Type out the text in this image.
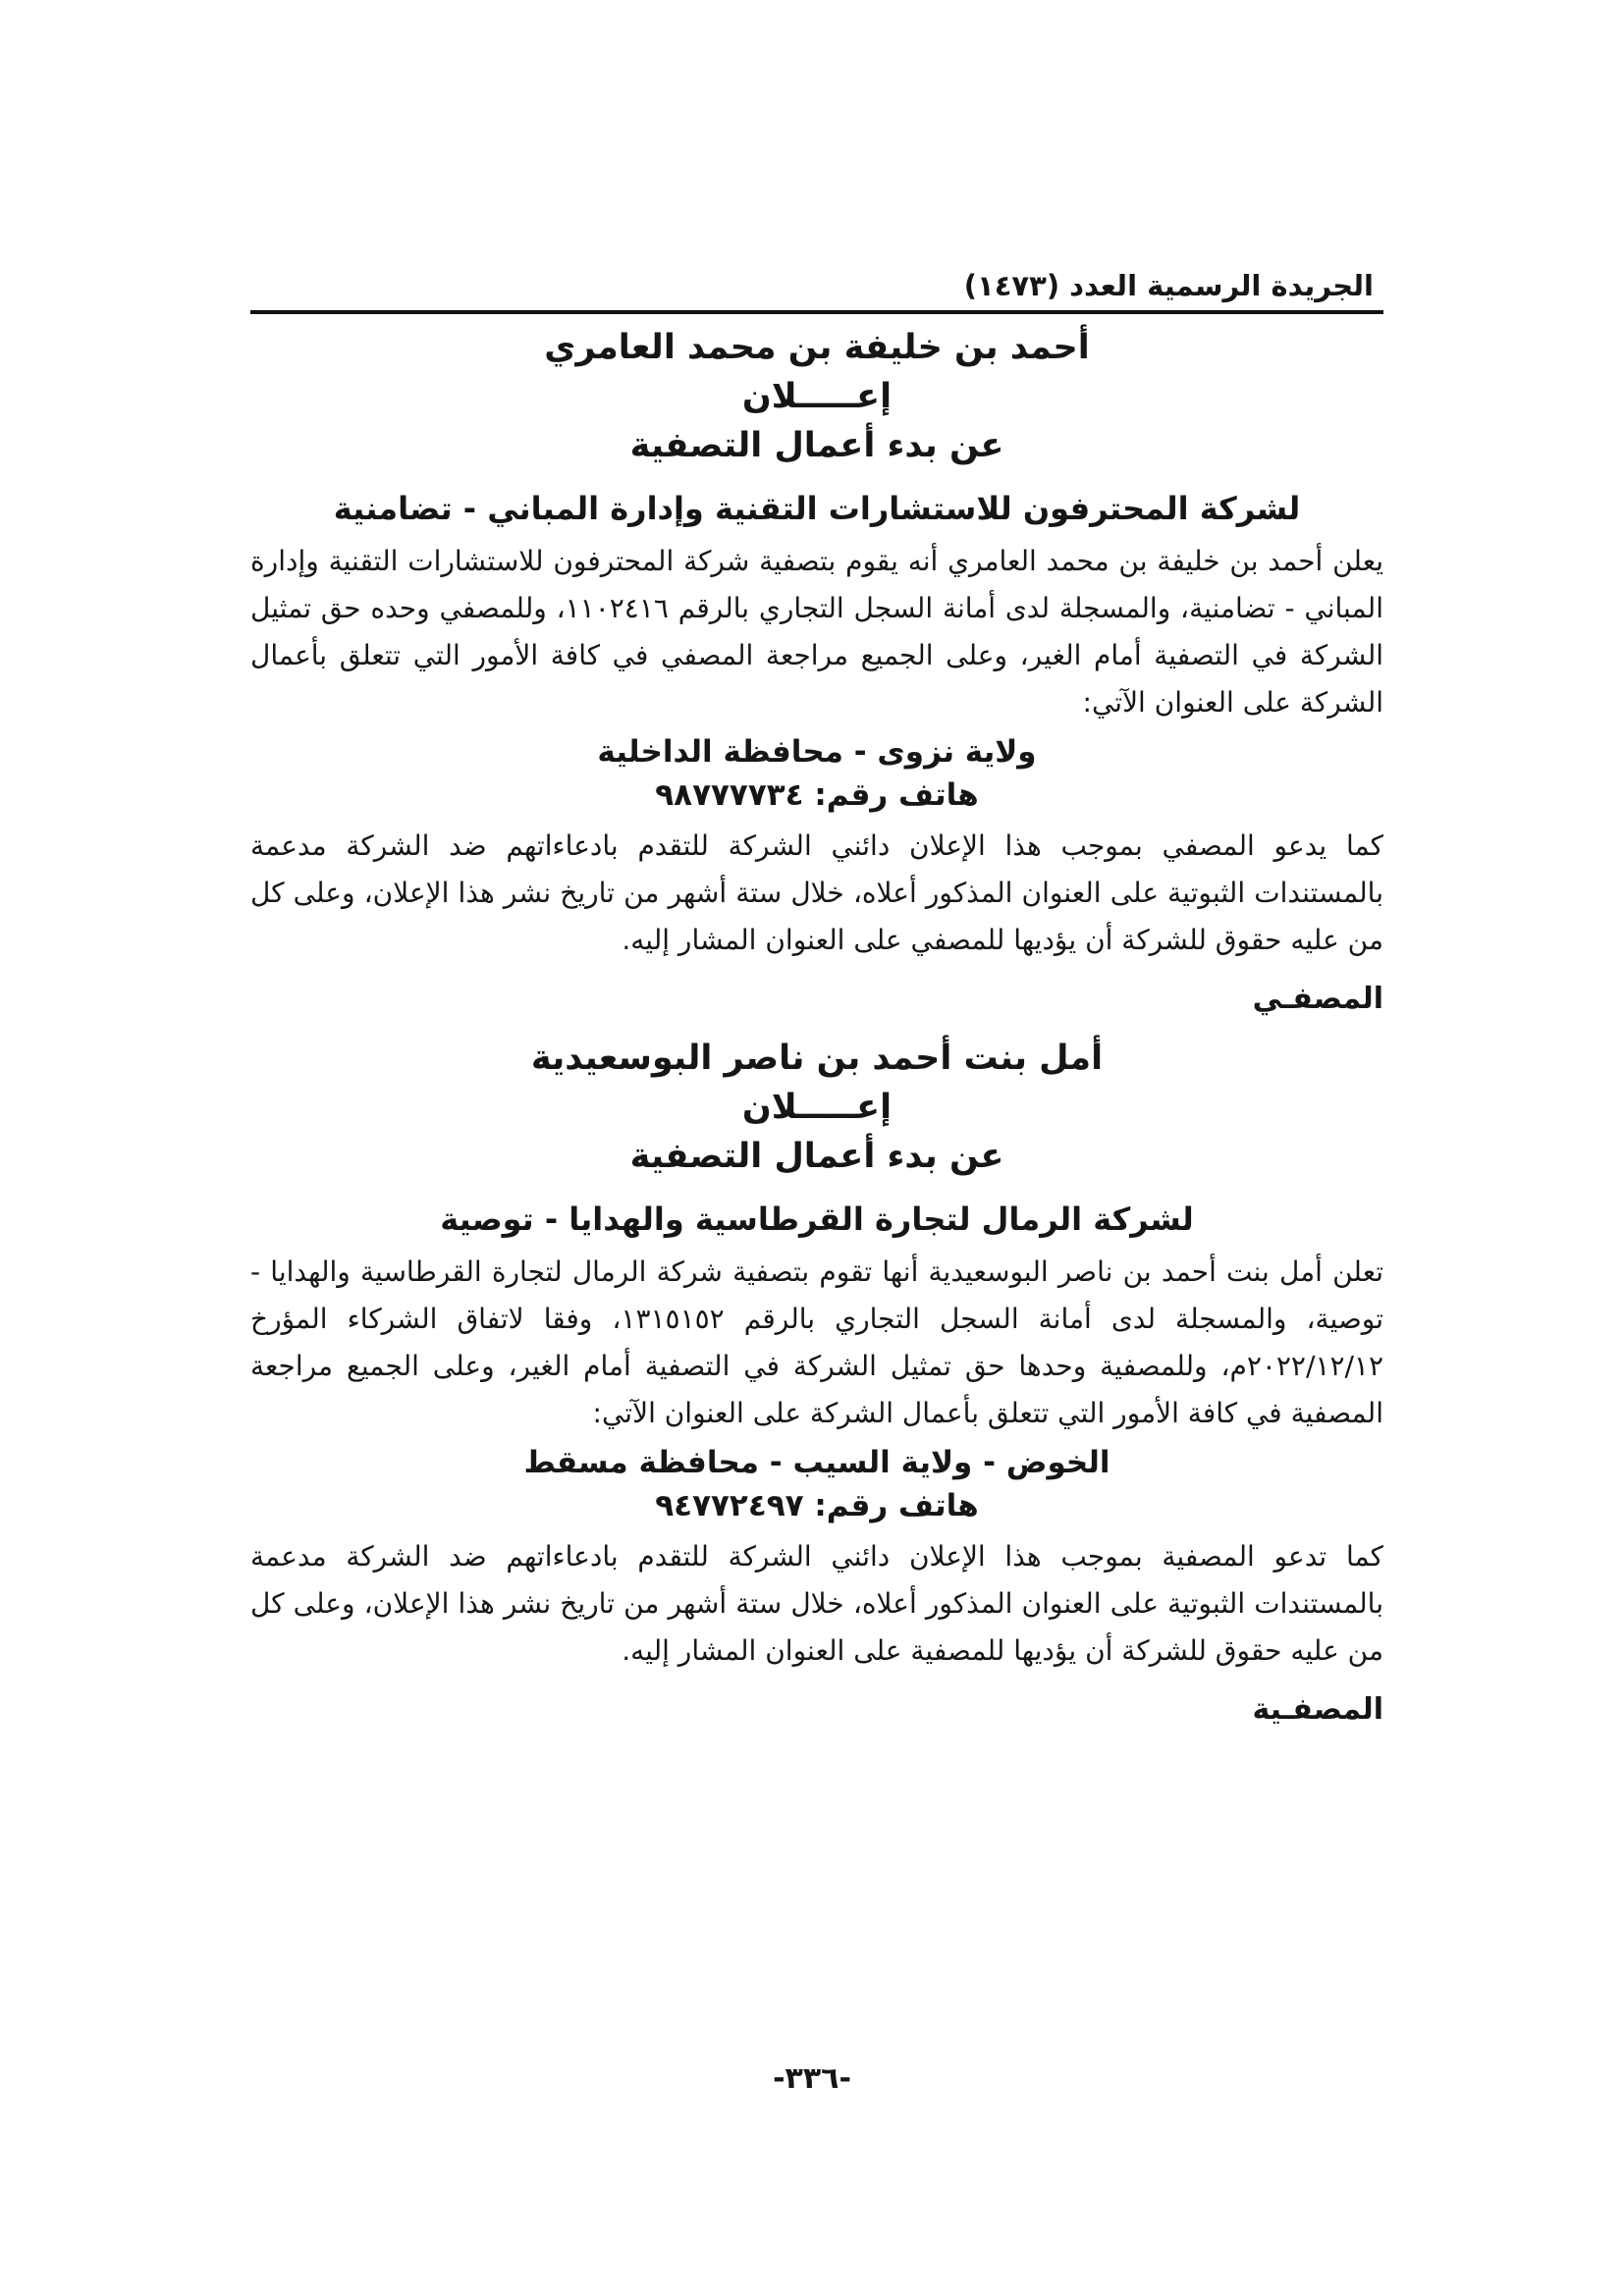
الجريدة الرسمية العدد (١٤٧٣)

أحمد بن خليفة بن محمد العامري

إعـــــلان

عن بدء أعمال التصفية

لشركة المحترفون للاستشارات التقنية وإدارة المباني - تضامنية

يعلن أحمد بن خليفة بن محمد العامري أنه يقوم بتصفية شركة المحترفون للاستشارات التقنية وإدارة المباني - تضامنية، والمسجلة لدى أمانة السجل التجاري بالرقم ١١٠٢٤١٦، وللمصفي وحده حق تمثيل الشركة في التصفية أمام الغير، وعلى الجميع مراجعة المصفي في كافة الأمور التي تتعلق بأعمال الشركة على العنوان الآتي:

ولاية نزوى - محافظة الداخلية

هاتف رقم: ٩٨٧٧٧٧٣٤

كما يدعو المصفي بموجب هذا الإعلان دائني الشركة للتقدم بادعاءاتهم ضد الشركة مدعمة بالمستندات الثبوتية على العنوان المذكور أعلاه، خلال ستة أشهر من تاريخ نشر هذا الإعلان، وعلى كل من عليه حقوق للشركة أن يؤديها للمصفي على العنوان المشار إليه.

المصفـي

أمل بنت أحمد بن ناصر البوسعيدية

إعـــــلان

عن بدء أعمال التصفية

لشركة الرمال لتجارة القرطاسية والهدايا - توصية

تعلن أمل بنت أحمد بن ناصر البوسعيدية أنها تقوم بتصفية شركة الرمال لتجارة القرطاسية والهدايا - توصية، والمسجلة لدى أمانة السجل التجاري بالرقم ١٣١٥١٥٢، وفقا لاتفاق الشركاء المؤرخ ٢٠٢٢/١٢/١٢م، وللمصفية وحدها حق تمثيل الشركة في التصفية أمام الغير، وعلى الجميع مراجعة المصفية في كافة الأمور التي تتعلق بأعمال الشركة على العنوان الآتي:

الخوض - ولاية السيب - محافظة مسقط

هاتف رقم: ٩٤٧٧٢٤٩٧

كما تدعو المصفية بموجب هذا الإعلان دائني الشركة للتقدم بادعاءاتهم ضد الشركة مدعمة بالمستندات الثبوتية على العنوان المذكور أعلاه، خلال ستة أشهر من تاريخ نشر هذا الإعلان، وعلى كل من عليه حقوق للشركة أن يؤديها للمصفية على العنوان المشار إليه.

المصفـية

-٣٣٦-
